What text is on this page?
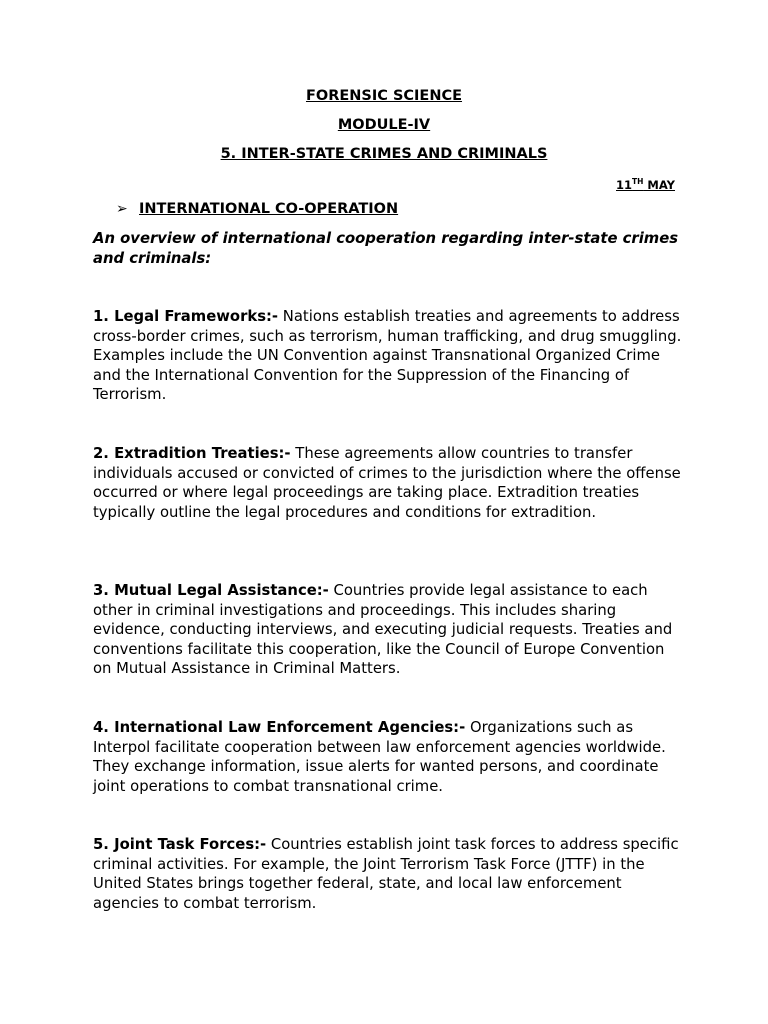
FORENSIC SCIENCE
MODULE-IV
5. INTER-STATE CRIMES AND CRIMINALS
11TH MAY
➢ INTERNATIONAL CO-OPERATION
An overview of international cooperation regarding inter-state crimes and criminals:
1. Legal Frameworks:- Nations establish treaties and agreements to address cross-border crimes, such as terrorism, human trafficking, and drug smuggling. Examples include the UN Convention against Transnational Organized Crime and the International Convention for the Suppression of the Financing of Terrorism.
2. Extradition Treaties:- These agreements allow countries to transfer individuals accused or convicted of crimes to the jurisdiction where the offense occurred or where legal proceedings are taking place. Extradition treaties typically outline the legal procedures and conditions for extradition.
3. Mutual Legal Assistance:- Countries provide legal assistance to each other in criminal investigations and proceedings. This includes sharing evidence, conducting interviews, and executing judicial requests. Treaties and conventions facilitate this cooperation, like the Council of Europe Convention on Mutual Assistance in Criminal Matters.
4. International Law Enforcement Agencies:- Organizations such as Interpol facilitate cooperation between law enforcement agencies worldwide. They exchange information, issue alerts for wanted persons, and coordinate joint operations to combat transnational crime.
5. Joint Task Forces:- Countries establish joint task forces to address specific criminal activities. For example, the Joint Terrorism Task Force (JTTF) in the United States brings together federal, state, and local law enforcement agencies to combat terrorism.
